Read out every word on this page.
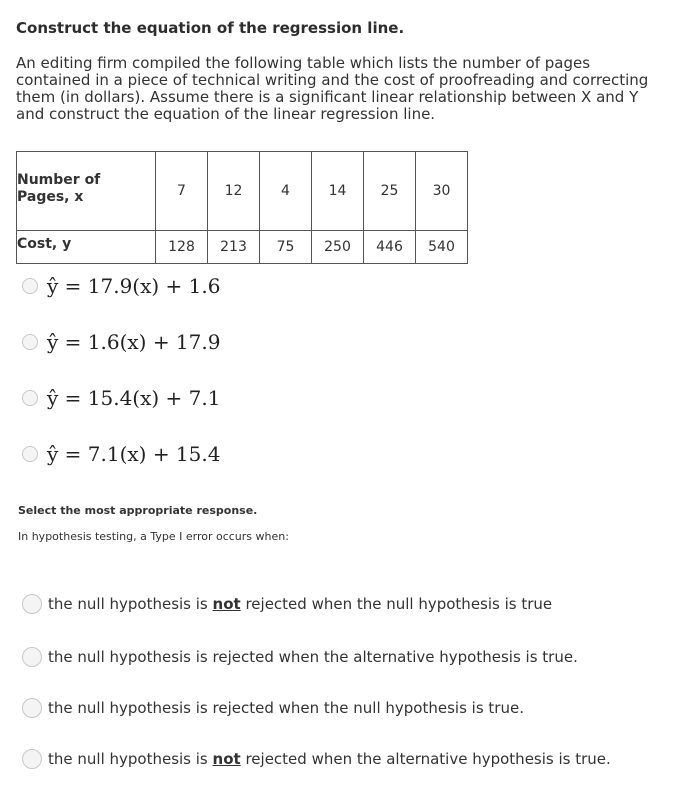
Construct the equation of the regression line.
An editing firm compiled the following table which lists the number of pages contained in a piece of technical writing and the cost of proofreading and correcting them (in dollars). Assume there is a significant linear relationship between X and Y and construct the equation of the linear regression line.
Number of Pages, x	7	12	4	14	25	30
Cost, y	128	213	75	250	446	540
ŷ = 17.9(x) + 1.6
ŷ = 1.6(x) + 17.9
ŷ = 15.4(x) + 7.1
ŷ = 7.1(x) + 15.4
Select the most appropriate response.
In hypothesis testing, a Type I error occurs when:
the null hypothesis is not rejected when the null hypothesis is true
the null hypothesis is rejected when the alternative hypothesis is true.
the null hypothesis is rejected when the null hypothesis is true.
the null hypothesis is not rejected when the alternative hypothesis is true.
